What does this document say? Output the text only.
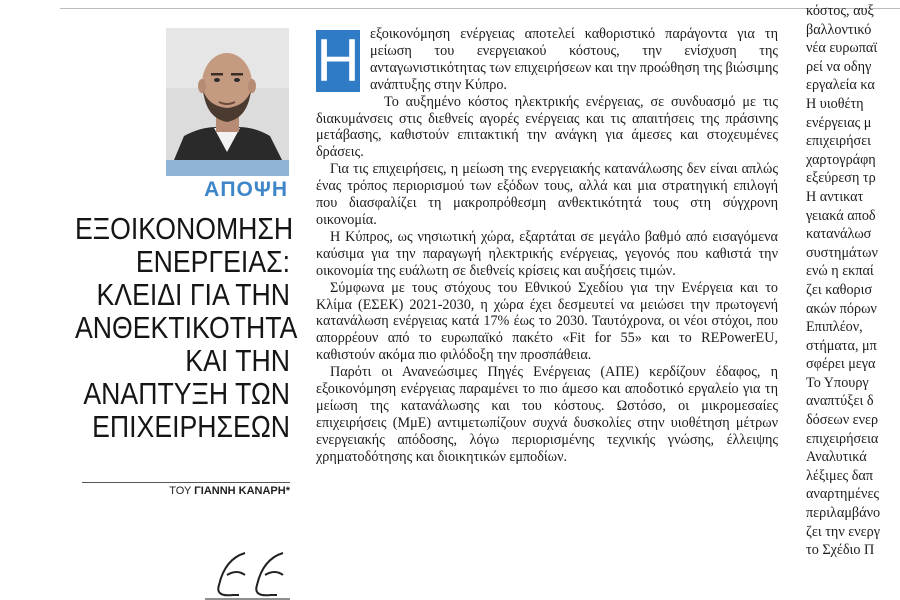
ΑΠΟΨΗ
ΕΞΟΙΚΟΝΟΜΗΣΗ
ΕΝΕΡΓΕΙΑΣ:
ΚΛΕΙΔΙ ΓΙΑ ΤΗΝ
ΑΝΘΕΚΤΙΚΟΤΗΤΑ
ΚΑΙ ΤΗΝ
ΑΝΑΠΤΥΞΗ ΤΩΝ
ΕΠΙΧΕΙΡΗΣΕΩΝ
ΤΟΥ ΓΙΑΝΝΗ ΚΑΝΑΡΗ*
Η εξοικονόμηση ενέργειας αποτελεί καθοριστικό παράγοντα για τη μείωση του ενεργειακού κόστους, την ενίσχυση της ανταγωνιστικότητας των επιχειρήσεων και την προώθηση της βιώσιμης ανάπτυξης στην Κύπρο.

Το αυξημένο κόστος ηλεκτρικής ενέργειας, σε συνδυασμό με τις διακυμάνσεις στις διεθνείς αγορές ενέργειας και τις απαιτήσεις της πράσινης μετάβασης, καθιστούν επιτακτική την ανάγκη για άμεσες και στοχευμένες δράσεις.

Για τις επιχειρήσεις, η μείωση της ενεργειακής κατανάλωσης δεν είναι απλώς ένας τρόπος περιορισμού των εξόδων τους, αλλά και μια στρατηγική επιλογή που διασφαλίζει τη μακροπρόθεσμη ανθεκτικότητά τους στη σύγχρονη οικονομία.

Η Κύπρος, ως νησιωτική χώρα, εξαρτάται σε μεγάλο βαθμό από εισαγόμενα καύσιμα για την παραγωγή ηλεκτρικής ενέργειας, γεγονός που καθιστά την οικονομία της ευάλωτη σε διεθνείς κρίσεις και αυξήσεις τιμών.

Σύμφωνα με τους στόχους του Εθνικού Σχεδίου για την Ενέργεια και το Κλίμα (ΕΣΕΚ) 2021-2030, η χώρα έχει δεσμευτεί να μειώσει την πρωτογενή κατανάλωση ενέργειας κατά 17% έως το 2030. Ταυτόχρονα, οι νέοι στόχοι, που απορρέουν από το ευρωπαϊκό πακέτο «Fit for 55» και το REPowerEU, καθιστούν ακόμα πιο φιλόδοξη την προσπάθεια.

Παρότι οι Ανανεώσιμες Πηγές Ενέργειας (ΑΠΕ) κερδίζουν έδαφος, η εξοικονόμηση ενέργειας παραμένει το πιο άμεσο και αποδοτικό εργαλείο για τη μείωση της κατανάλωσης και του κόστους. Ωστόσο, οι μικρομεσαίες επιχειρήσεις (ΜμΕ) αντιμετωπίζουν συχνά δυσκολίες στην υιοθέτηση μέτρων ενεργειακής απόδοσης, λόγω περιορισμένης τεχνικής γνώσης, έλλειψης χρηματοδότησης και διοικητικών εμποδίων.

κόστος, αυξ
βαλλοντικό
νέα ευρωπαϊ
ρεί να οδηγ
εργαλεία κα
Η υιοθέτη
ενέργειας μ
επιχειρήσει
χαρτογράφη
εξεύρεση τρ
Η αντικατ
γειακά αποδ
κατανάλωσ
συστημάτων
ενώ η εκπαί
ζει καθορισ
ακών πόρων
Επιπλέον,
στήματα, μπ
σφέρει μεγα
Το Υπουργ
αναπτύξει δ
δόσεων ενερ
επιχειρήσεια
Αναλυτικά
λέξιμες δαπ
αναρτημένες
περιλαμβάνο
ζει την ενεργ
το Σχέδιο Π
